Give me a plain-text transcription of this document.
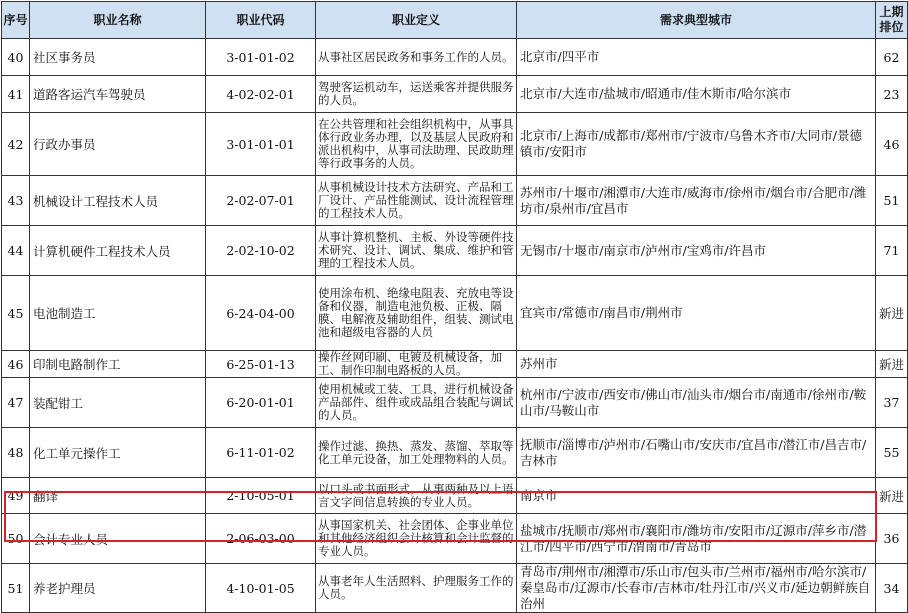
序号	职业名称	职业代码	职业定义	需求典型城市	上期排位

40	社区事务员	3-01-01-02	从事社区居民政务和事务工作的人员。	北京市/四平市	62
41	道路客运汽车驾驶员	4-02-02-01	驾驶客运机动车，运送乘客并提供服务的人员。	北京市/大连市/盐城市/昭通市/佳木斯市/哈尔滨市	23
42	行政办事员	3-01-01-01	在公共管理和社会组织机构中，从事具体行政业务办理，以及基层人民政府和派出机构中，从事司法助理、民政助理等行政事务的人员。	北京市/上海市/成都市/郑州市/宁波市/乌鲁木齐市/大同市/景德镇市/安阳市	46
43	机械设计工程技术人员	2-02-07-01	从事机械设计技术方法研究、产品和工厂设计、产品性能测试、设计流程管理的工程技术人员。	苏州市/十堰市/湘潭市/大连市/威海市/徐州市/烟台市/合肥市/潍坊市/泉州市/宜昌市	51
44	计算机硬件工程技术人员	2-02-10-02	从事计算机整机、主板、外设等硬件技术研究、设计、调试、集成、维护和管理的工程技术人员。	无锡市/十堰市/南京市/泸州市/宝鸡市/许昌市	71
45	电池制造工	6-24-04-00	使用涂布机、绝缘电阻表、充放电等设备和仪器，制造电池负极、正极、隔膜、电解液及辅助组件，组装、测试电池和超级电容器的人员	宜宾市/常德市/南昌市/荆州市	新进
46	印制电路制作工	6-25-01-13	操作丝网印刷、电镀及机械设备，加工、制作印制电路板的人员。	苏州市	新进
47	装配钳工	6-20-01-01	使用机械或工装、工具，进行机械设备产品部件、组件或成品组合装配与调试的人员。	杭州市/宁波市/西安市/佛山市/汕头市/烟台市/南通市/徐州市/鞍山市/马鞍山市	37
48	化工单元操作工	6-11-01-02	操作过滤、换热、蒸发、蒸馏、萃取等化工单元设备，加工处理物料的人员。	抚顺市/淄博市/泸州市/石嘴山市/安庆市/宜昌市/潜江市/昌吉市/吉林市	55
49	翻译	2-10-05-01	以口头或书面形式，从事两种及以上语言文字间信息转换的专业人员。	南京市	新进
50	会计专业人员	2-06-03-00	从事国家机关、社会团体、企事业单位和其他经济组织会计核算和会计监督的专业人员。	盐城市/抚顺市/郑州市/襄阳市/潍坊市/安阳市/辽源市/萍乡市/潜江市/四平市/西宁市/渭南市/青岛市	36
51	养老护理员	4-10-01-05	从事老年人生活照料、护理服务工作的人员。	青岛市/荆州市/湘潭市/乐山市/包头市/兰州市/福州市/哈尔滨市/秦皇岛市/辽源市/长春市/吉林市/牡丹江市/兴义市/延边朝鲜族自治州	34
